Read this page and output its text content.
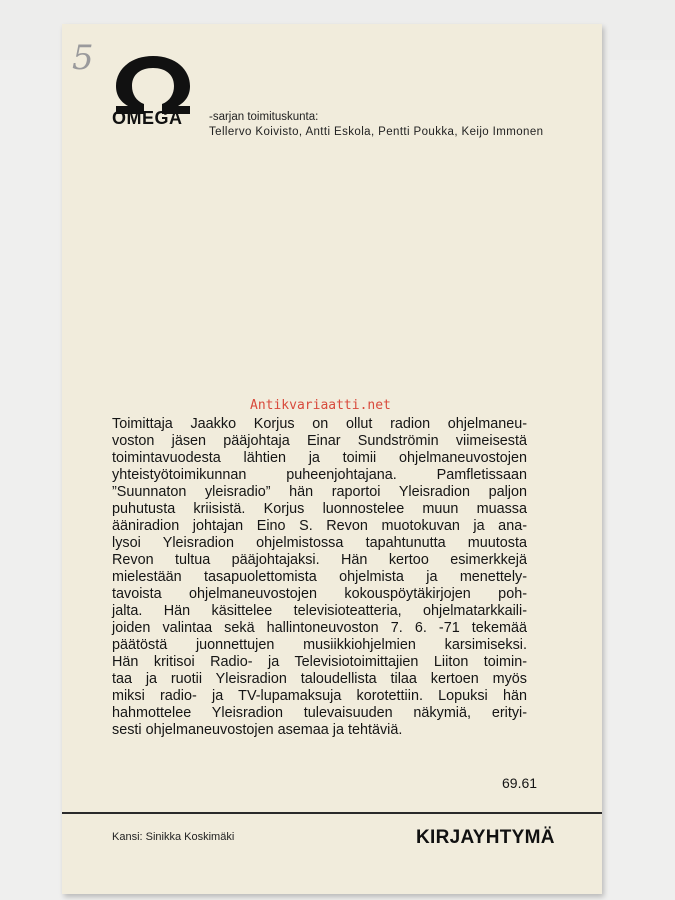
5
OMEGA	-sarjan toimituskunta:
Tellervo Koivisto, Antti Eskola, Pentti Poukka, Keijo Immonen
Antikvariaatti.net
Toimittaja Jaakko Korjus on ollut radion ohjelmaneu-
voston jäsen pääjohtaja Einar Sundströmin viimeisestä
toimintavuodesta lähtien ja toimii ohjelmaneuvostojen
yhteistyötoimikunnan puheenjohtajana. Pamfletissaan
”Suunnaton yleisradio” hän raportoi Yleisradion paljon
puhutusta kriisistä. Korjus luonnostelee muun muassa
ääniradion johtajan Eino S. Revon muotokuvan ja ana-
lysoi Yleisradion ohjelmistossa tapahtunutta muutosta
Revon tultua pääjohtajaksi. Hän kertoo esimerkkejä
mielestään tasapuolettomista ohjelmista ja menettely-
tavoista ohjelmaneuvostojen kokouspöytäkirjojen poh-
jalta. Hän käsittelee televisioteatteria, ohjelmatarkkaili-
joiden valintaa sekä hallintoneuvoston 7. 6. -71 tekemää
päätöstä juonnettujen musiikkiohjelmien karsimiseksi.
Hän kritisoi Radio- ja Televisiotoimittajien Liiton toimin-
taa ja ruotii Yleisradion taloudellista tilaa kertoen myös
miksi radio- ja TV-lupamaksuja korotettiin. Lopuksi hän
hahmottelee Yleisradion tulevaisuuden näkymiä, erityi-
sesti ohjelmaneuvostojen asemaa ja tehtäviä.
69.61
Kansi: Sinikka Koskimäki	KIRJAYHTYMÄ
